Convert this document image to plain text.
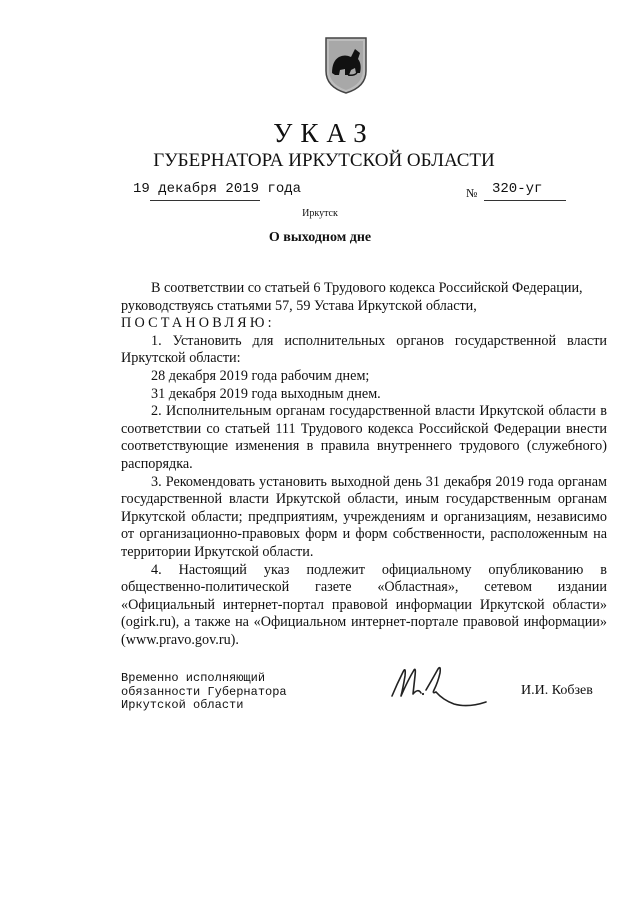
УКАЗ
ГУБЕРНАТОРА ИРКУТСКОЙ ОБЛАСТИ
19 декабря 2019 года	№ 320-уг
Иркутск
О выходном дне

В соответствии со статьей 6 Трудового кодекса Российской Федерации,

руководствуясь статьями 57, 59 Устава Иркутской области,

ПОСТАНОВЛЯЮ:

1. Установить для исполнительных органов государственной власти Иркутской области:

28 декабря 2019 года рабочим днем;

31 декабря 2019 года выходным днем.

2. Исполнительным органам государственной власти Иркутской области в соответствии со статьей 111 Трудового кодекса Российской Федерации внести соответствующие изменения в правила внутреннего трудового (служебного) распорядка.

3. Рекомендовать установить выходной день 31 декабря 2019 года органам государственной власти Иркутской области, иным государственным органам Иркутской области; предприятиям, учреждениям и организациям, независимо от организационно-правовых форм и форм собственности, расположенным на территории Иркутской области.

4. Настоящий указ подлежит официальному опубликованию в общественно-политической газете «Областная», сетевом издании «Официальный интернет-портал правовой информации Иркутской области» (ogirk.ru), а также на «Официальном интернет-портале правовой информации» (www.pravo.gov.ru).

Временно исполняющий
обязанности Губернатора
Иркутской области
И.И. Кобзев
